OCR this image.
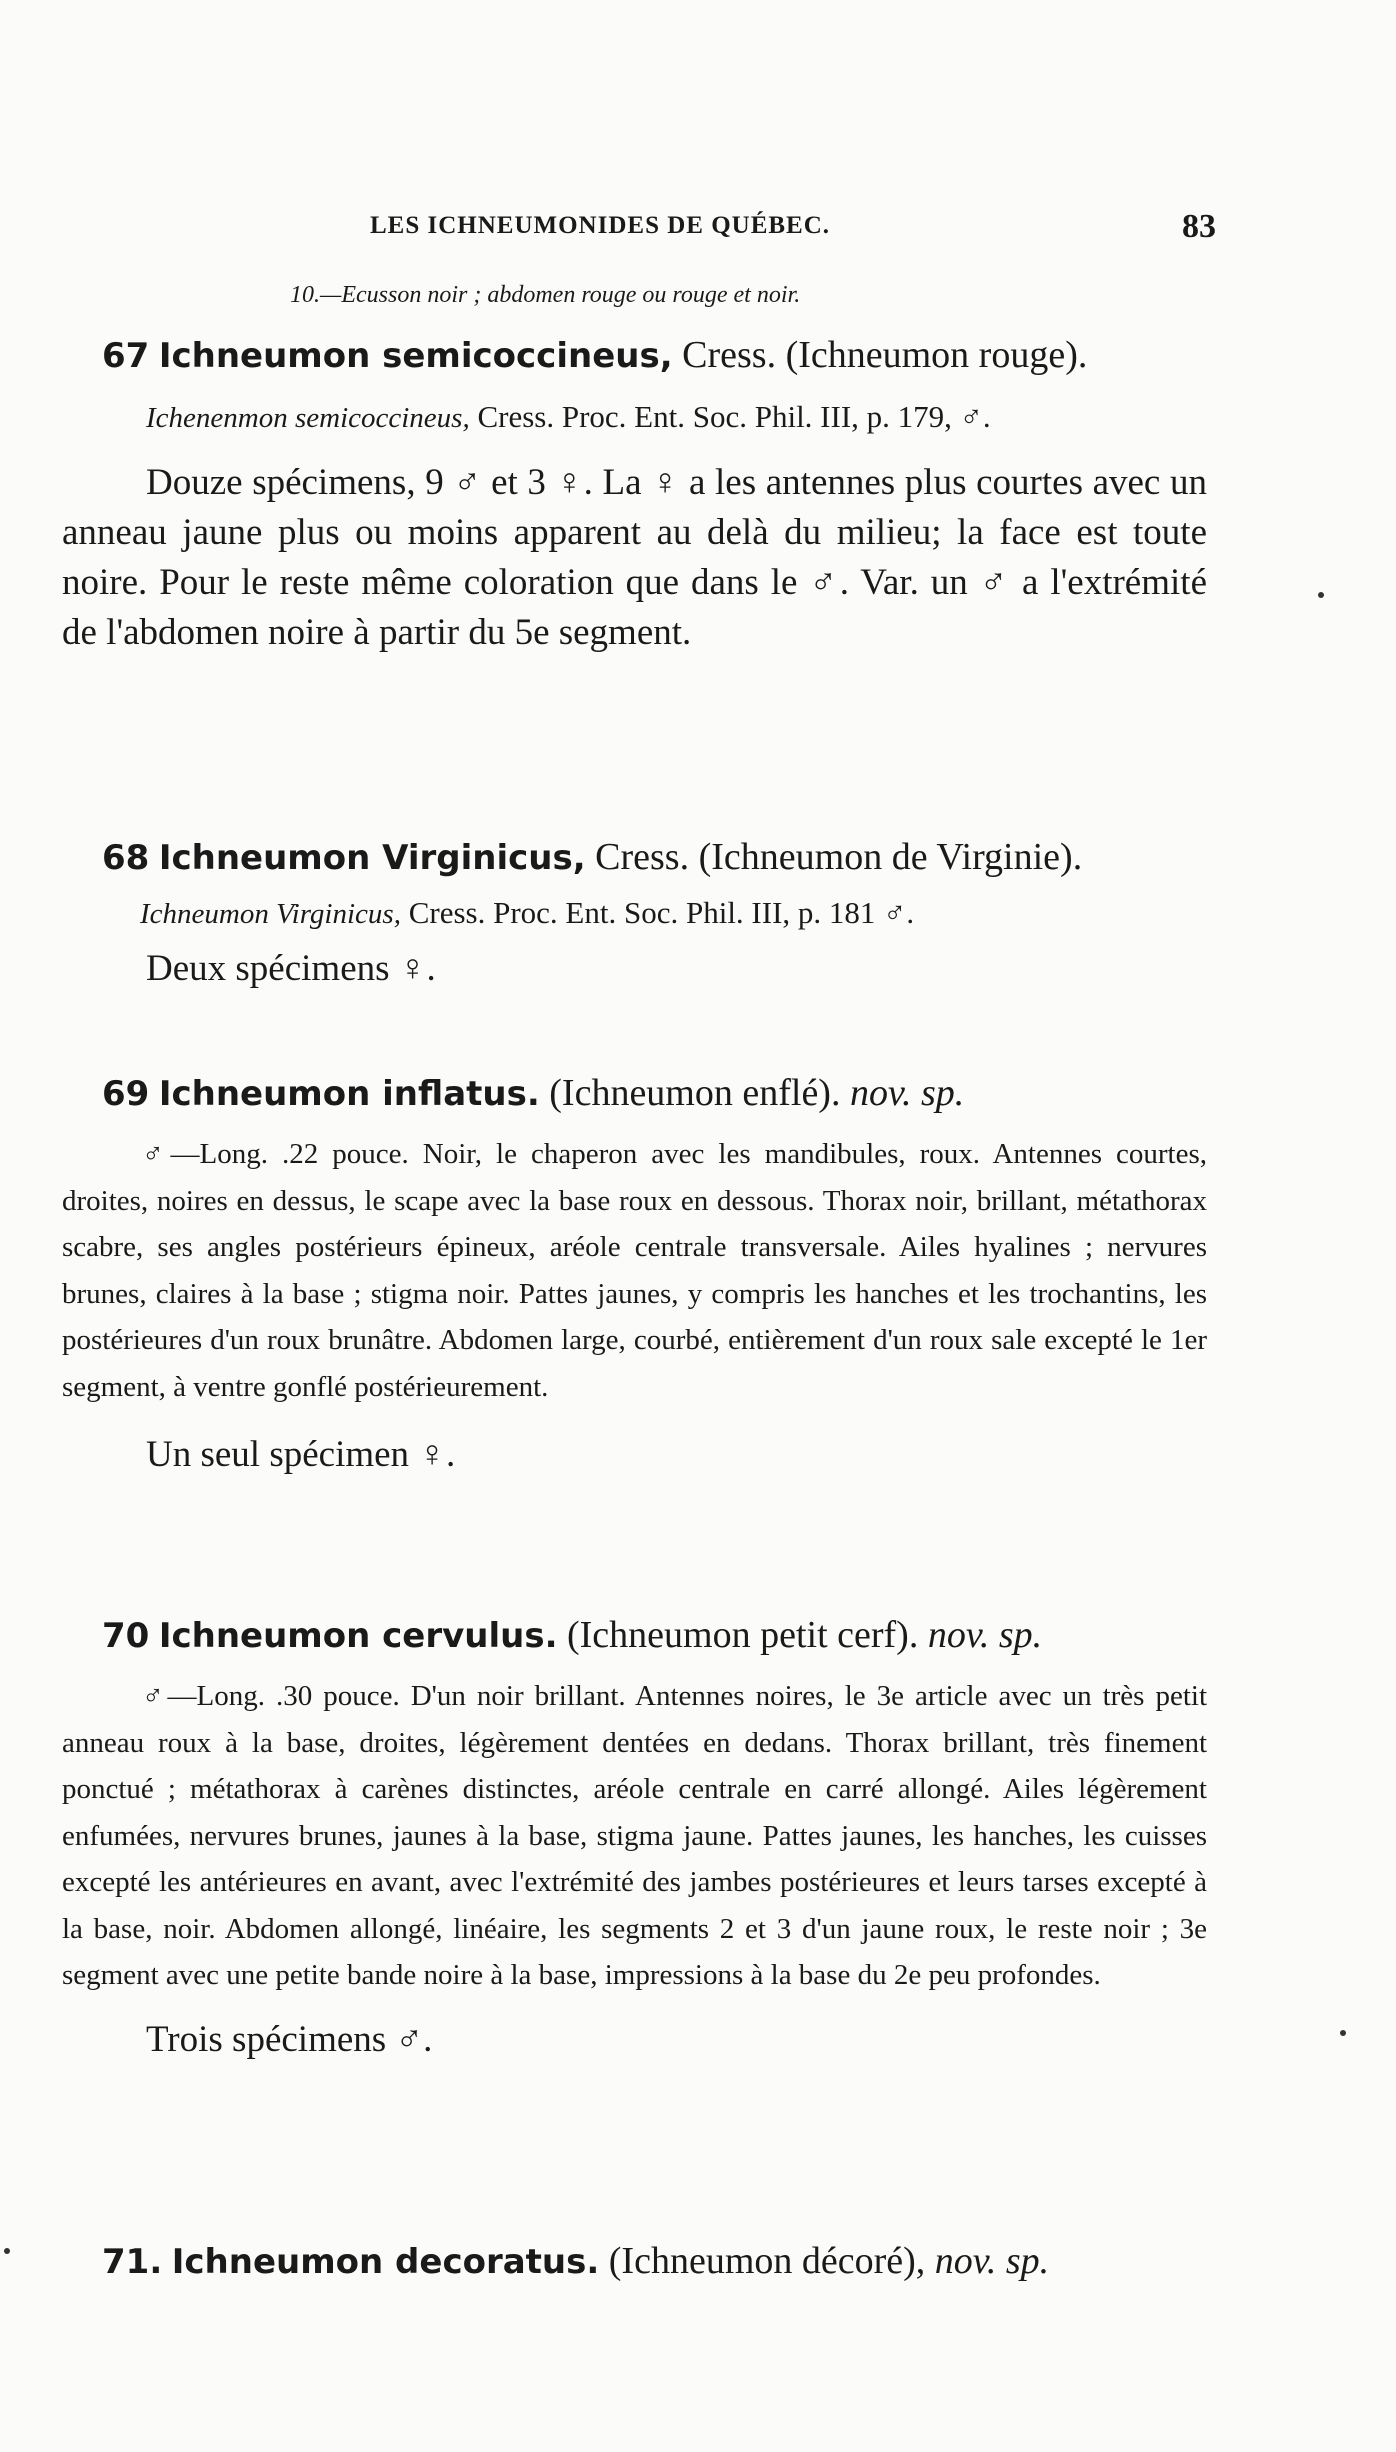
LES ICHNEUMONIDES DE QUÉBEC.	83
10.—Ecusson noir ; abdomen rouge ou rouge et noir.
67 Ichneumon semicoccineus, Cress. (Ichneumon rouge).
Ichenenmon semicoccineus, Cress. Proc. Ent. Soc. Phil. III, p. 179, ♂.
Douze spécimens, 9 ♂ et 3 ♀. La ♀ a les antennes plus courtes avec un anneau jaune plus ou moins apparent au delà du milieu; la face est toute noire. Pour le reste même coloration que dans le ♂. Var. un ♂ a l'extrémité de l'abdomen noire à partir du 5e segment.
68 Ichneumon Virginicus, Cress. (Ichneumon de Virginie).
Ichneumon Virginicus, Cress. Proc. Ent. Soc. Phil. III, p. 181 ♂.
Deux spécimens ♀.
69 Ichneumon inflatus. (Ichneumon enflé). nov. sp.
♂—Long. .22 pouce. Noir, le chaperon avec les mandibules, roux. Antennes courtes, droites, noires en dessus, le scape avec la base roux en dessous. Thorax noir, brillant, métathorax scabre, ses angles postérieurs épineux, aréole centrale transversale. Ailes hyalines ; nervures brunes, claires à la base ; stigma noir. Pattes jaunes, y compris les hanches et les trochantins, les postérieures d'un roux brunâtre. Abdomen large, courbé, entièrement d'un roux sale excepté le 1er segment, à ventre gonflé postérieurement.
Un seul spécimen ♀.
70 Ichneumon cervulus. (Ichneumon petit cerf). nov. sp.
♂—Long. .30 pouce. D'un noir brillant. Antennes noires, le 3e article avec un très petit anneau roux à la base, droites, légèrement dentées en dedans. Thorax brillant, très finement ponctué ; métathorax à carènes distinctes, aréole centrale en carré allongé. Ailes légèrement enfumées, nervures brunes, jaunes à la base, stigma jaune. Pattes jaunes, les hanches, les cuisses excepté les antérieures en avant, avec l'extrémité des jambes postérieures et leurs tarses excepté à la base, noir. Abdomen allongé, linéaire, les segments 2 et 3 d'un jaune roux, le reste noir ; 3e segment avec une petite bande noire à la base, impressions à la base du 2e peu profondes.
Trois spécimens ♂.
71. Ichneumon decoratus. (Ichneumon décoré), nov. sp.
